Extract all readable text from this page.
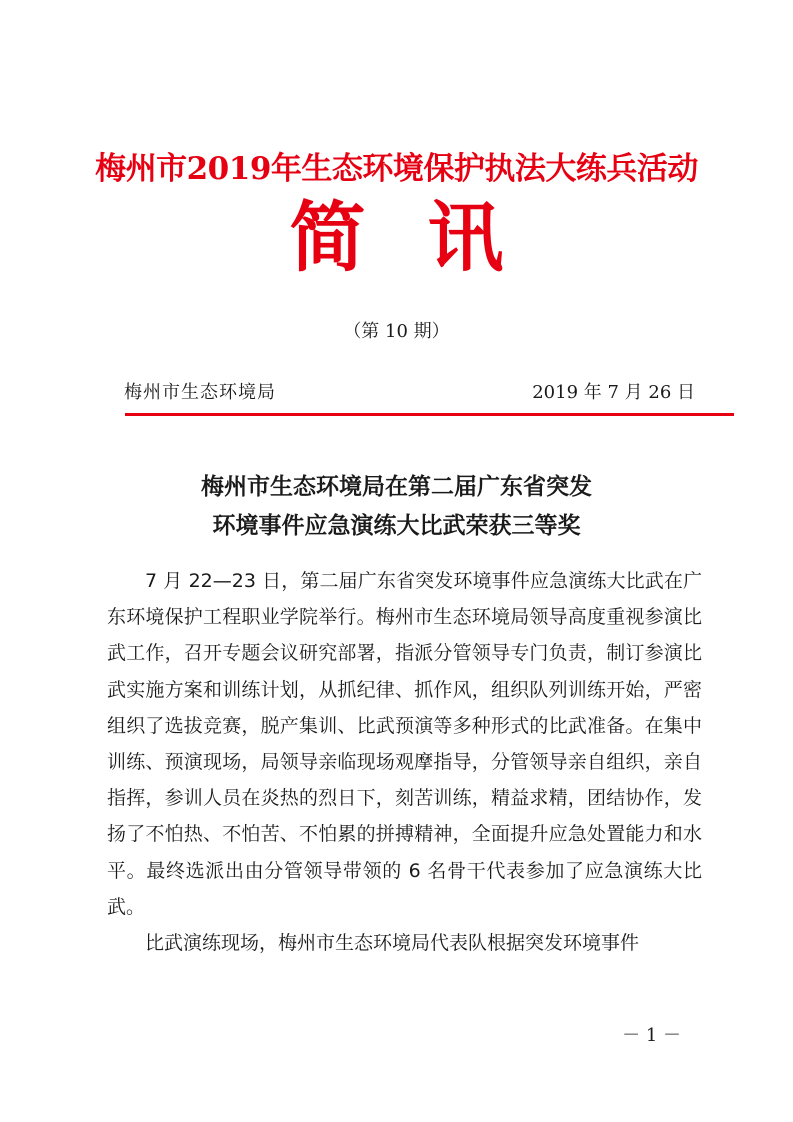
梅州市2019年生态环境保护执法大练兵活动
简讯
（第 10 期）
梅州市生态环境局	2019 年 7 月 26 日
梅州市生态环境局在第二届广东省突发
环境事件应急演练大比武荣获三等奖

7 月 22—23 日，第二届广东省突发环境事件应急演练大比武在广东环境保护工程职业学院举行。梅州市生态环境局领导高度重视参演比武工作，召开专题会议研究部署，指派分管领导专门负责，制订参演比武实施方案和训练计划，从抓纪律、抓作风，组织队列训练开始，严密组织了选拔竞赛，脱产集训、比武预演等多种形式的比武准备。在集中训练、预演现场，局领导亲临现场观摩指导，分管领导亲自组织，亲自指挥，参训人员在炎热的烈日下，刻苦训练，精益求精，团结协作，发扬了不怕热、不怕苦、不怕累的拼搏精神，全面提升应急处置能力和水平。最终选派出由分管领导带领的 6 名骨干代表参加了应急演练大比武。

比武演练现场，梅州市生态环境局代表队根据突发环境事件

－ 1 －
